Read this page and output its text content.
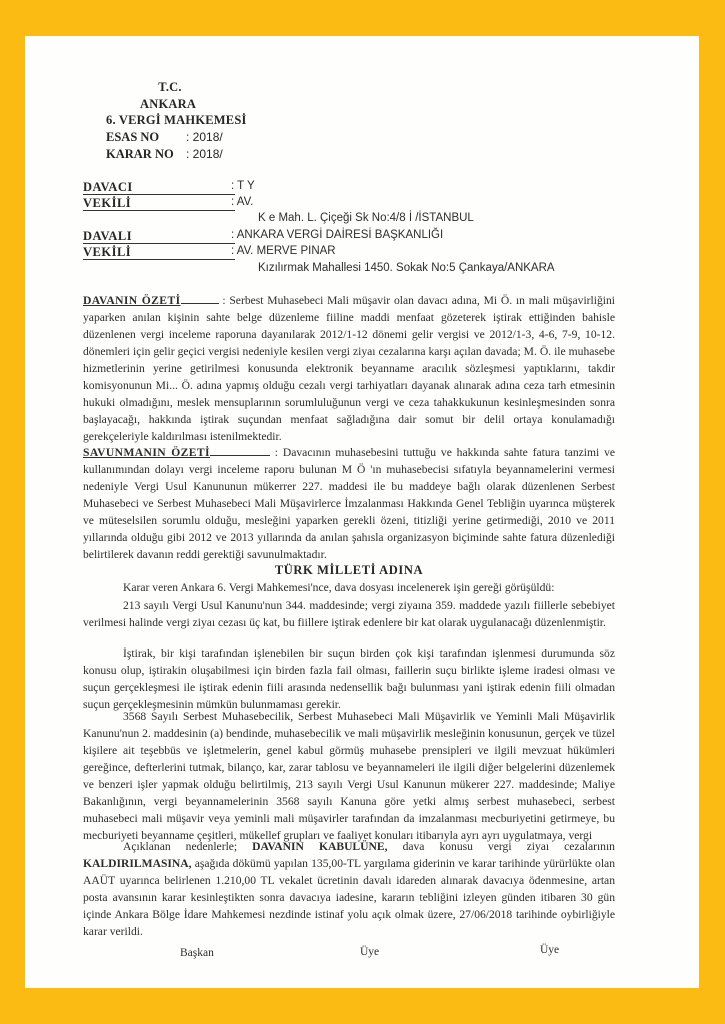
T.C.
ANKARA
6. VERGİ MAHKEMESİ
ESAS NO : 2018/
KARAR NO : 2018/
DAVACI	: T Y
VEKİLİ	: AV.
K e Mah. L. Çiçeği Sk No:4/8 İ /İSTANBUL
DAVALI	: ANKARA VERGİ DAİRESİ BAŞKANLIĞI
VEKİLİ	: AV. MERVE PINAR
Kızılırmak Mahallesi 1450. Sokak No:5 Çankaya/ANKARA
DAVANIN ÖZETİ	: Serbest Muhasebeci Mali müşavir olan davacı adına, Mi Ö. ın mali müşavirliğini yaparken anılan kişinin sahte belge düzenleme fiiline maddi menfaat gözeterek iştirak ettiğinden bahisle düzenlenen vergi inceleme raporuna dayanılarak 2012/1-12 dönemi gelir vergisi ve 2012/1-3, 4-6, 7-9, 10-12. dönemleri için gelir geçici vergisi nedeniyle kesilen vergi ziyaı cezalarına karşı açılan davada; M. Ö. ile muhasebe hizmetlerinin yerine getirilmesi konusunda elektronik beyanname aracılık sözleşmesi yaptıklarını, takdir komisyonunun Mi... Ö. adına yapmış olduğu cezalı vergi tarhiyatları dayanak alınarak adına ceza tarh etmesinin hukuki olmadığını, meslek mensuplarının sorumluluğunun vergi ve ceza tahakkukunun kesinleşmesinden sonra başlayacağı, hakkında iştirak suçundan menfaat sağladığına dair somut bir delil ortaya konulamadığı gerekçeleriyle kaldırılması istenilmektedir.
SAVUNMANIN ÖZETİ	: Davacının muhasebesini tuttuğu ve hakkında sahte fatura tanzimi ve kullanımından dolayı vergi inceleme raporu bulunan M Ö 'ın muhasebecisi sıfatıyla beyannamelerini vermesi nedeniyle Vergi Usul Kanununun mükerrer 227. maddesi ile bu maddeye bağlı olarak düzenlenen Serbest Muhasebeci ve Serbest Muhasebeci Mali Müşavirlerce İmzalanması Hakkında Genel Tebliğin uyarınca müşterek ve müteselsilen sorumlu olduğu, mesleğini yaparken gerekli özeni, titizliği yerine getirmediği, 2010 ve 2011 yıllarında olduğu gibi 2012 ve 2013 yıllarında da anılan şahısla organizasyon biçiminde sahte fatura düzenlediği belirtilerek davanın reddi gerektiği savunulmaktadır.
TÜRK MİLLETİ ADINA
Karar veren Ankara 6. Vergi Mahkemesi'nce, dava dosyası incelenerek işin gereği görüşüldü:
213 sayılı Vergi Usul Kanunu'nun 344. maddesinde; vergi ziyaına 359. maddede yazılı fiillerle sebebiyet verilmesi halinde vergi ziyaı cezası üç kat, bu fiillere iştirak edenlere bir kat olarak uygulanacağı düzenlenmiştir.
İştirak, bir kişi tarafından işlenebilen bir suçun birden çok kişi tarafından işlenmesi durumunda söz konusu olup, iştirakin oluşabilmesi için birden fazla fail olması, faillerin suçu birlikte işleme iradesi olması ve suçun gerçekleşmesi ile iştirak edenin fiili arasında nedensellik bağı bulunması yani iştirak edenin fiili olmadan suçun gerçekleşmesinin mümkün bulunmaması gerekir.
3568 Sayılı Serbest Muhasebecilik, Serbest Muhasebeci Mali Müşavirlik ve Yeminli Mali Müşavirlik Kanunu'nun 2. maddesinin (a) bendinde, muhasebecilik ve mali müşavirlik mesleğinin konusunun, gerçek ve tüzel kişilere ait teşebbüs ve işletmelerin, genel kabul görmüş muhasebe prensipleri ve ilgili mevzuat hükümleri gereğince, defterlerini tutmak, bilanço, kar, zarar tablosu ve beyannameleri ile ilgili diğer belgelerini düzenlemek ve benzeri işler yapmak olduğu belirtilmiş, 213 sayılı Vergi Usul Kanunun mükerer 227. maddesinde; Maliye Bakanlığının, vergi beyannamelerinin 3568 sayılı Kanuna göre yetki almış serbest muhasebeci, serbest muhasebeci mali müşavir veya yeminli mali müşavirler tarafından da imzalanması mecburiyetini getirmeye, bu mecburiyeti beyanname çeşitleri, mükellef grupları ve faaliyet konuları itibarıyla ayrı ayrı uygulatmaya, vergi
Açıklanan nedenlerle; DAVANIN KABULÜNE, dava konusu vergi ziyaı cezalarının KALDIRILMASINA, aşağıda dökümü yapılan 135,00-TL yargılama giderinin ve karar tarihinde yürürlükte olan AAÜT uyarınca belirlenen 1.210,00 TL vekalet ücretinin davalı idareden alınarak davacıya ödenmesine, artan posta avansının karar kesinleştikten sonra davacıya iadesine, kararın tebliğini izleyen günden itibaren 30 gün içinde Ankara Bölge İdare Mahkemesi nezdinde istinaf yolu açık olmak üzere, 27/06/2018 tarihinde oybirliğiyle karar verildi.
Başkan	Üye	Üye
